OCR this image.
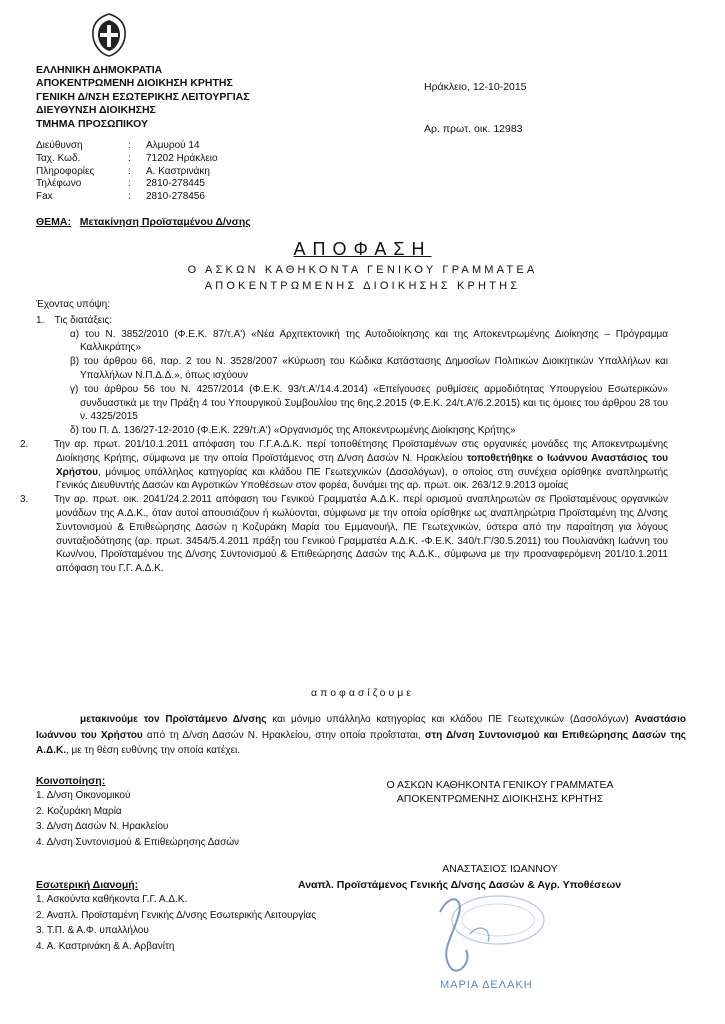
ΕΛΛΗΝΙΚΗ ΔΗΜΟΚΡΑΤΙΑ
ΑΠΟΚΕΝΤΡΩΜΕΝΗ ΔΙΟΙΚΗΣΗ ΚΡΗΤΗΣ
ΓΕΝΙΚΗ Δ/ΝΣΗ ΕΣΩΤΕΡΙΚΗΣ ΛΕΙΤΟΥΡΓΙΑΣ
ΔΙΕΥΘΥΝΣΗ ΔΙΟΙΚΗΣΗΣ
ΤΜΗΜΑ ΠΡΟΣΩΠΙΚΟΥ
Ηράκλειο, 12-10-2015
Αρ. πρωτ. οικ. 12983
Διεύθυνση	:	Αλμυρού 14
Ταχ. Κωδ.	:	71202 Ηράκλειο
Πληροφορίες	:	Α. Καστρινάκη
Τηλέφωνο	:	2810-278445
Fax	:	2810-278456
ΘΕΜΑ: Μετακίνηση Προϊσταμένου Δ/νσης
ΑΠΟΦΑΣΗ
Ο ΑΣΚΩΝ ΚΑΘΗΚΟΝΤΑ ΓΕΝΙΚΟΥ ΓΡΑΜΜΑΤΕΑ
ΑΠΟΚΕΝΤΡΩΜΕΝΗΣ ΔΙΟΙΚΗΣΗΣ ΚΡΗΤΗΣ

Έχοντας υπόψη:

1. Τις διατάξεις:

α) του Ν. 3852/2010 (Φ.Ε.Κ. 87/τ.Α') «Νέα Αρχιτεκτονική της Αυτοδιοίκησης και της Αποκεντρωμένης Διοίκησης – Πρόγραμμα Καλλικράτης»

β) του άρθρου 66, παρ. 2 του Ν. 3528/2007 «Κύρωση του Κώδικα Κατάστασης Δημοσίων Πολιτικών Διοικητικών Υπαλλήλων και Υπαλλήλων Ν.Π.Δ.Δ.», όπως ισχύουν

γ) του άρθρου 56 του Ν. 4257/2014 (Φ.Ε.Κ. 93/τ.Α'/14.4.2014) «Επείγουσες ρυθμίσεις αρμοδιότητας Υπουργείου Εσωτερικών» συνδυαστικά με την Πράξη 4 του Υπουργικού Συμβουλίου της 6ης.2.2015 (Φ.Ε.Κ. 24/τ.Α'/6.2.2015) και τις όμοιες του άρθρου 28 του ν. 4325/2015

δ) του Π. Δ. 136/27-12-2010 (Φ.Ε.Κ. 229/τ.Α') «Οργανισμός της Αποκεντρωμένης Διοίκησης Κρήτης»

2.	Την αρ. πρωτ. 201/10.1.2011 απόφαση του Γ.Γ.Α.Δ.Κ. περί τοποθέτησης Προϊσταμένων στις οργανικές μονάδες της Αποκεντρωμένης Διοίκησης Κρήτης, σύμφωνα με την οποία Προϊστάμενος στη Δ/νση Δασών Ν. Ηρακλείου τοποθετήθηκε ο Ιωάννου Αναστάσιος του Χρήστου, μόνιμος υπάλληλος κατηγορίας και κλάδου ΠΕ Γεωτεχνικών (Δασολόγων), ο οποίος στη συνέχεια ορίσθηκε αναπληρωτής Γενικός Διευθυντής Δασών και Αγροτικών Υποθέσεων στον φορέα, δυνάμει της αρ. πρωτ. οικ. 263/12.9.2013 ομοίας

3.	Την αρ. πρωτ. οικ. 2041/24.2.2011 απόφαση του Γενικού Γραμματέα Α.Δ.Κ. περί ορισμού αναπληρωτών σε Προϊσταμένους οργανικών μονάδων της Α.Δ.Κ., όταν αυτοί απουσιάζουν ή κωλύονται, σύμφωνα με την οποία ορίσθηκε ως αναπληρώτρια Προϊσταμένη της Δ/νσης Συντονισμού & Επιθεώρησης Δασών η Κοζυράκη Μαρία του Εμμανουήλ, ΠΕ Γεωτεχνικών, ύστερα από την παραίτηση για λόγους συνταξιοδότησης (αρ. πρωτ. 3454/5.4.2011 πράξη του Γενικού Γραμματέα Α.Δ.Κ. -Φ.Ε.Κ. 340/τ.Γ'/30.5.2011) του Πουλιανάκη Ιωάννη του Κων/νου, Προϊσταμένου της Δ/νσης Συντονισμού & Επιθεώρησης Δασών της Α.Δ.Κ., σύμφωνα με την προαναφερόμενη 201/10.1.2011 απόφαση του Γ.Γ. Α.Δ.Κ.

αποφασίζουμε
μετακινούμε τον Προϊστάμενο Δ/νσης και μόνιμο υπάλληλο κατηγορίας και κλάδου ΠΕ Γεωτεχνικών (Δασολόγων) Αναστάσιο Ιωάννου του Χρήστου από τη Δ/νση Δασών Ν. Ηρακλείου, στην οποία προΐσταται, στη Δ/νση Συντονισμού και Επιθεώρησης Δασών της Α.Δ.Κ., με τη θέση ευθύνης την οποία κατέχει.
Κοινοποίηση:
1. Δ/νση Οικονομικού
2. Κοζυράκη Μαρία
3. Δ/νση Δασών Ν. Ηρακλείου
4. Δ/νση Συντονισμού & Επιθεώρησης Δασών
Ο ΑΣΚΩΝ ΚΑΘΗΚΟΝΤΑ ΓΕΝΙΚΟΥ ΓΡΑΜΜΑΤΕΑ
ΑΠΟΚΕΝΤΡΩΜΕΝΗΣ ΔΙΟΙΚΗΣΗΣ ΚΡΗΤΗΣ
ΑΝΑΣΤΑΣΙΟΣ ΙΩΑΝΝΟΥ
Αναπλ. Προϊστάμενος Γενικής Δ/νσης Δασών & Αγρ. Υποθέσεων
Εσωτερική Διανομή:
1. Ασκούντα καθήκοντα Γ.Γ. Α.Δ.Κ.
2. Αναπλ. Προϊσταμένη Γενικής Δ/νσης Εσωτερικής Λειτουργίας
3. Τ.Π. & Α.Φ. υπαλλήλου
4. Α. Καστρινάκη & Α. Αρβανίτη
ΜΑΡΙΑ ΔΕΛΑΚΗ
